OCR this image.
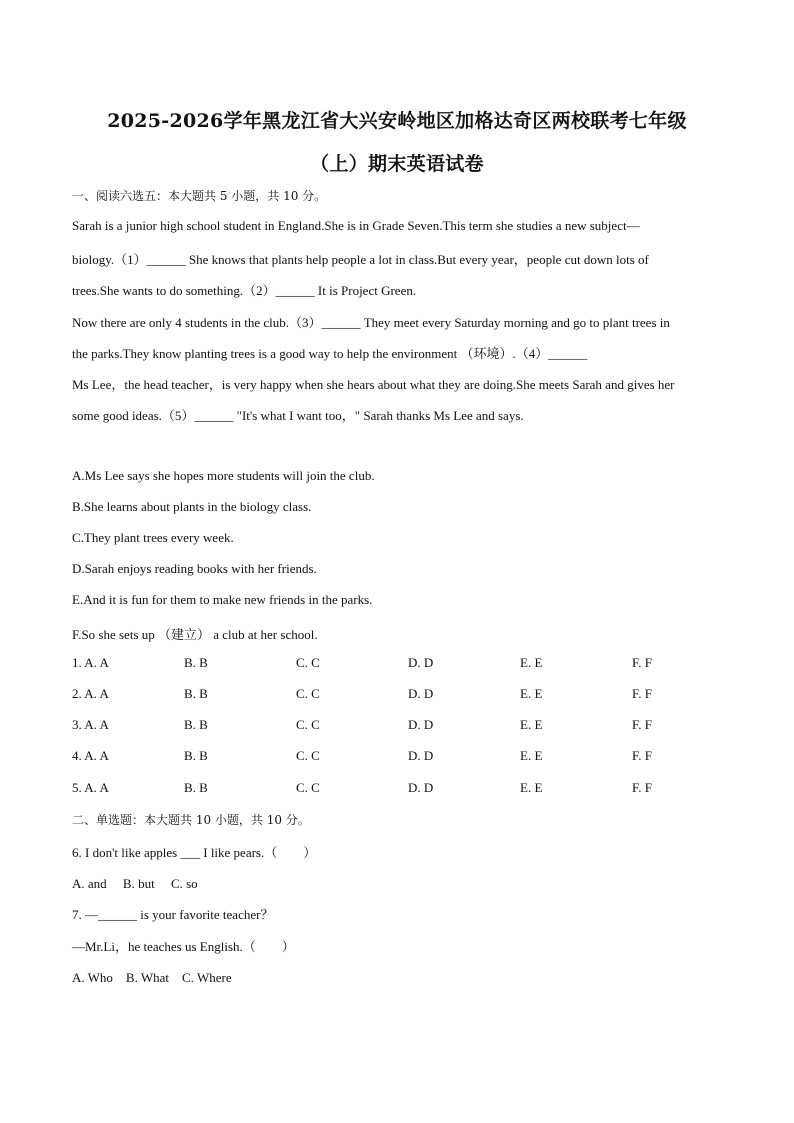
2025-2026学年黑龙江省大兴安岭地区加格达奇区两校联考七年级
（上）期末英语试卷
一、阅读六选五：本大题共 5 小题，共 10 分。
Sarah is a junior high school student in England.She is in Grade Seven.This term she studies a new subject—
biology.（1）______ She knows that plants help people a lot in class.But every year，people cut down lots of
trees.She wants to do something.（2）______ It is Project Green.
Now there are only 4 students in the club.（3）______ They meet every Saturday morning and go to plant trees in
the parks.They know planting trees is a good way to help the environment （环境）.（4）______
Ms Lee，the head teacher，is very happy when she hears about what they are doing.She meets Sarah and gives her
some good ideas.（5）______ "It's what I want too，" Sarah thanks Ms Lee and says.
A.Ms Lee says she hopes more students will join the club.
B.She learns about plants in the biology class.
C.They plant trees every week.
D.Sarah enjoys reading books with her friends.
E.And it is fun for them to make new friends in the parks.
F.So she sets up （建立） a club at her school.
1. A. A	B. B	C. C	D. D	E. E	F. F
2. A. A	B. B	C. C	D. D	E. E	F. F
3. A. A	B. B	C. C	D. D	E. E	F. F
4. A. A	B. B	C. C	D. D	E. E	F. F
5. A. A	B. B	C. C	D. D	E. E	F. F
二、单选题：本大题共 10 小题，共 10 分。
6. I don't like apples ___ I like pears.（　　）
A. and　 B. but　 C. so
7. —______ is your favorite teacher？
—Mr.Li，he teaches us English.（　　）
A. Who　B. What　C. Where
